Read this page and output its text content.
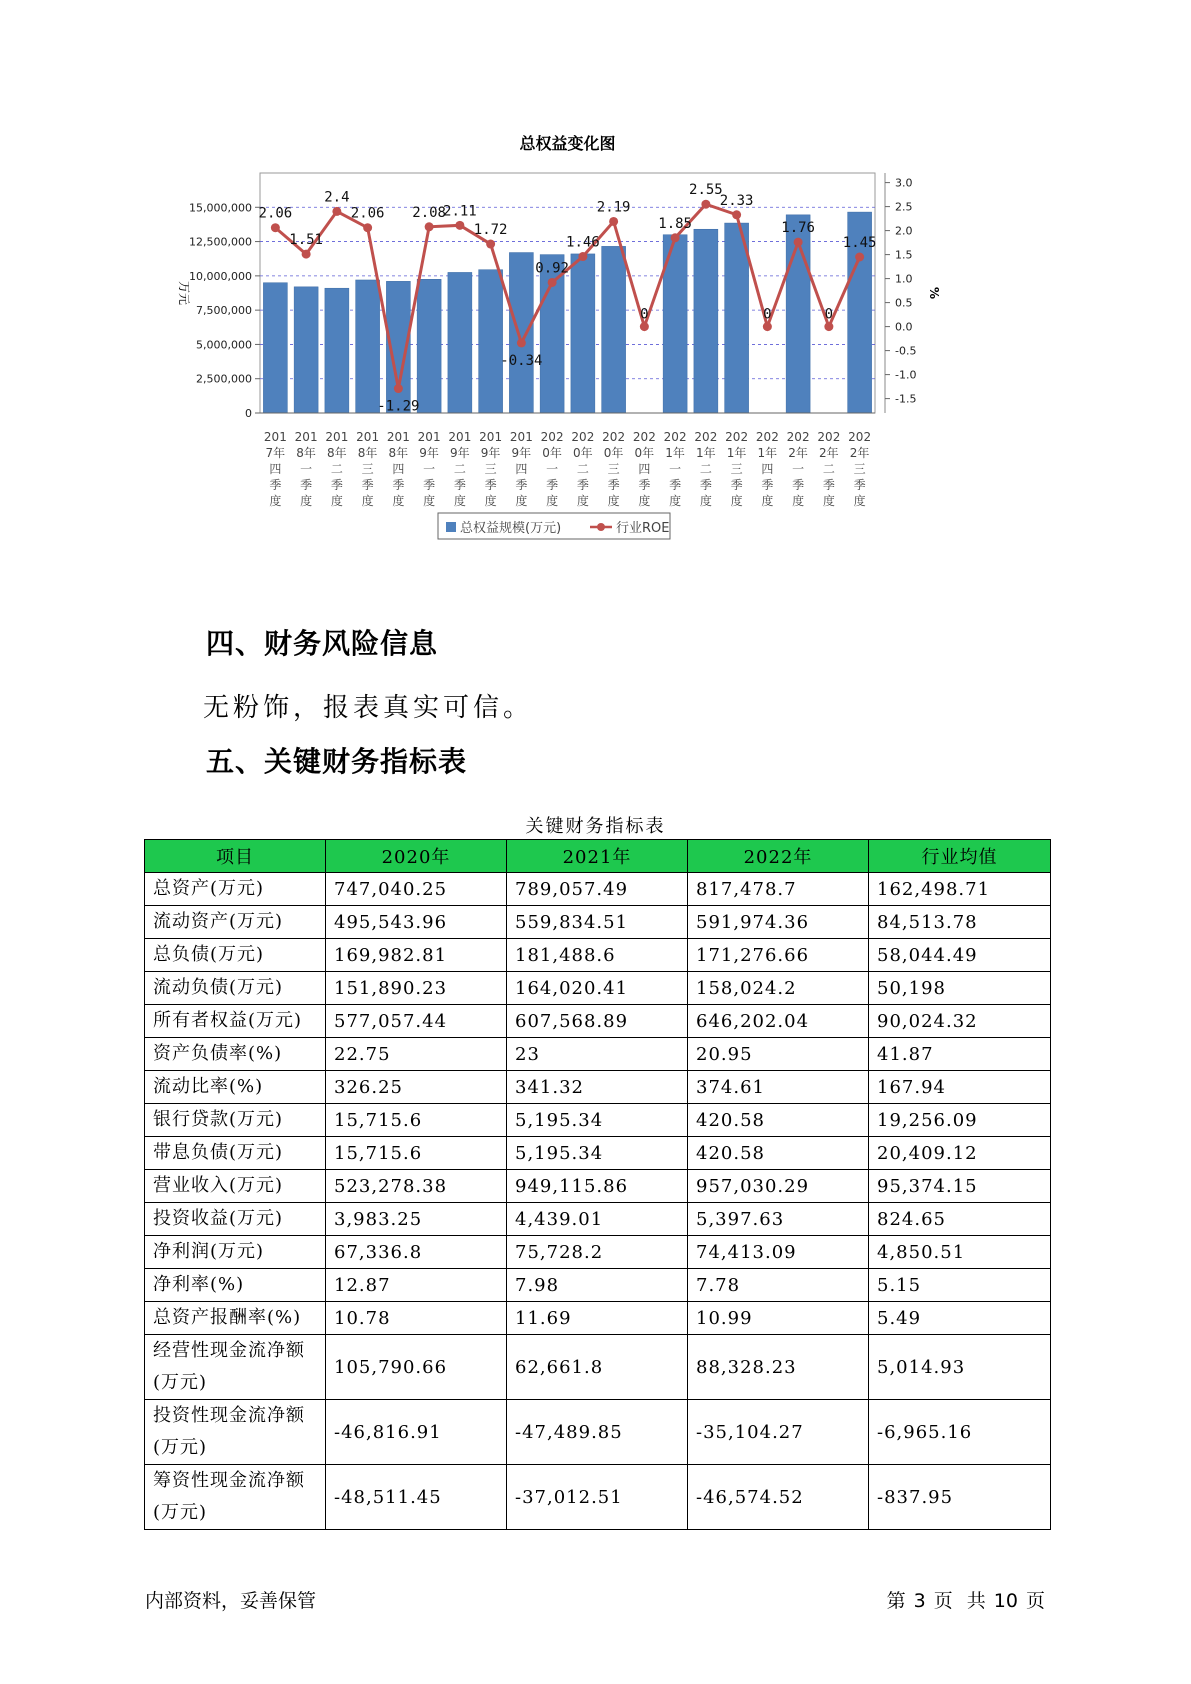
总权益变化图
0
2,500,000
5,000,000
7,500,000
10,000,000
12,500,000
15,000,000
3.0
2.5
2.0
1.5
1.0
0.5
0.0
-0.5
-1.0
-1.5
万元	%
201
7年
四
季
度
201
8年
一
季
度
201
8年
二
季
度
201
8年
三
季
度
201
8年
四
季
度
201
9年
一
季
度
201
9年
二
季
度
201
9年
三
季
度
201
9年
四
季
度
202
0年
一
季
度
202
0年
二
季
度
202
0年
三
季
度
202
0年
四
季
度
202
1年
一
季
度
202
1年
二
季
度
202
1年
三
季
度
202
1年
四
季
度
202
2年
一
季
度
202
2年
二
季
度
202
2年
三
季
度
2.06
1.51
2.4
2.06
-1.29
2.08
2.11
1.72
-0.34
0.92
1.46
2.19
0
1.85
2.55
2.33
0
1.76
0
1.45
总权益规模(万元)	行业ROE
四、财务风险信息
无粉饰，报表真实可信。
五、关键财务指标表
关键财务指标表
项目	2020年	2021年	2022年	行业均值
总资产(万元)	747,040.25	789,057.49	817,478.7	162,498.71
流动资产(万元)	495,543.96	559,834.51	591,974.36	84,513.78
总负债(万元)	169,982.81	181,488.6	171,276.66	58,044.49
流动负债(万元)	151,890.23	164,020.41	158,024.2	50,198
所有者权益(万元)	577,057.44	607,568.89	646,202.04	90,024.32
资产负债率(%)	22.75	23	20.95	41.87
流动比率(%)	326.25	341.32	374.61	167.94
银行贷款(万元)	15,715.6	5,195.34	420.58	19,256.09
带息负债(万元)	15,715.6	5,195.34	420.58	20,409.12
营业收入(万元)	523,278.38	949,115.86	957,030.29	95,374.15
投资收益(万元)	3,983.25	4,439.01	5,397.63	824.65
净利润(万元)	67,336.8	75,728.2	74,413.09	4,850.51
净利率(%)	12.87	7.98	7.78	5.15
总资产报酬率(%)	10.78	11.69	10.99	5.49
经营性现金流净额(万元)	105,790.66	62,661.8	88,328.23	5,014.93
投资性现金流净额(万元)	-46,816.91	-47,489.85	-35,104.27	-6,965.16
筹资性现金流净额(万元)	-48,511.45	-37,012.51	-46,574.52	-837.95
内部资料，妥善保管	第 3 页 共 10 页
